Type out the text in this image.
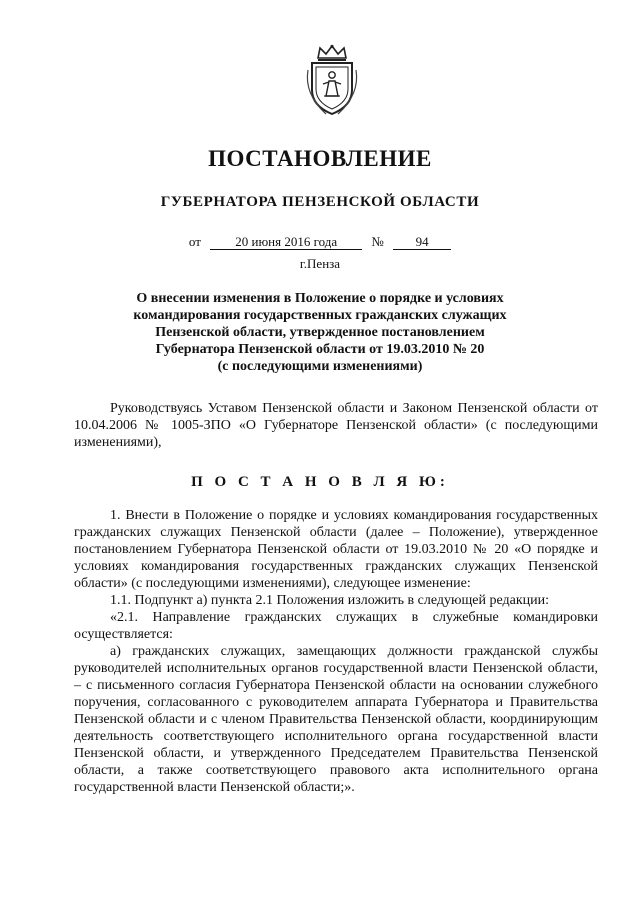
ПОСТАНОВЛЕНИЕ
ГУБЕРНАТОРА ПЕНЗЕНСКОЙ ОБЛАСТИ
от	20 июня 2016 года	№ 94
г.Пенза
О внесении изменения в Положение о порядке и условиях
командирования государственных гражданских служащих
Пензенской области, утвержденное постановлением
Губернатора Пензенской области от 19.03.2010 № 20
(с последующими изменениями)

Руководствуясь Уставом Пензенской области и Законом Пензенской области от 10.04.2006 № 1005-ЗПО «О Губернаторе Пензенской области» (с последующими изменениями),

П О С Т А Н О В Л Я Ю:

1. Внести в Положение о порядке и условиях командирования государственных гражданских служащих Пензенской области (далее – Положение), утвержденное постановлением Губернатора Пензенской области от 19.03.2010 № 20 «О порядке и условиях командирования государственных гражданских служащих Пензенской области» (с последующими изменениями), следующее изменение:

1.1. Подпункт а) пункта 2.1 Положения изложить в следующей редакции:

«2.1. Направление гражданских служащих в служебные командировки осуществляется:

а) гражданских служащих, замещающих должности гражданской службы руководителей исполнительных органов государственной власти Пензенской области, – с письменного согласия Губернатора Пензенской области на основании служебного поручения, согласованного с руководителем аппарата Губернатора и Правительства Пензенской области и с членом Правительства Пензенской области, координирующим деятельность соответствующего исполнительного органа государственной власти Пензенской области, и утвержденного Председателем Правительства Пензенской области, а также соответствующего правового акта исполнительного органа государственной власти Пензенской области;».
